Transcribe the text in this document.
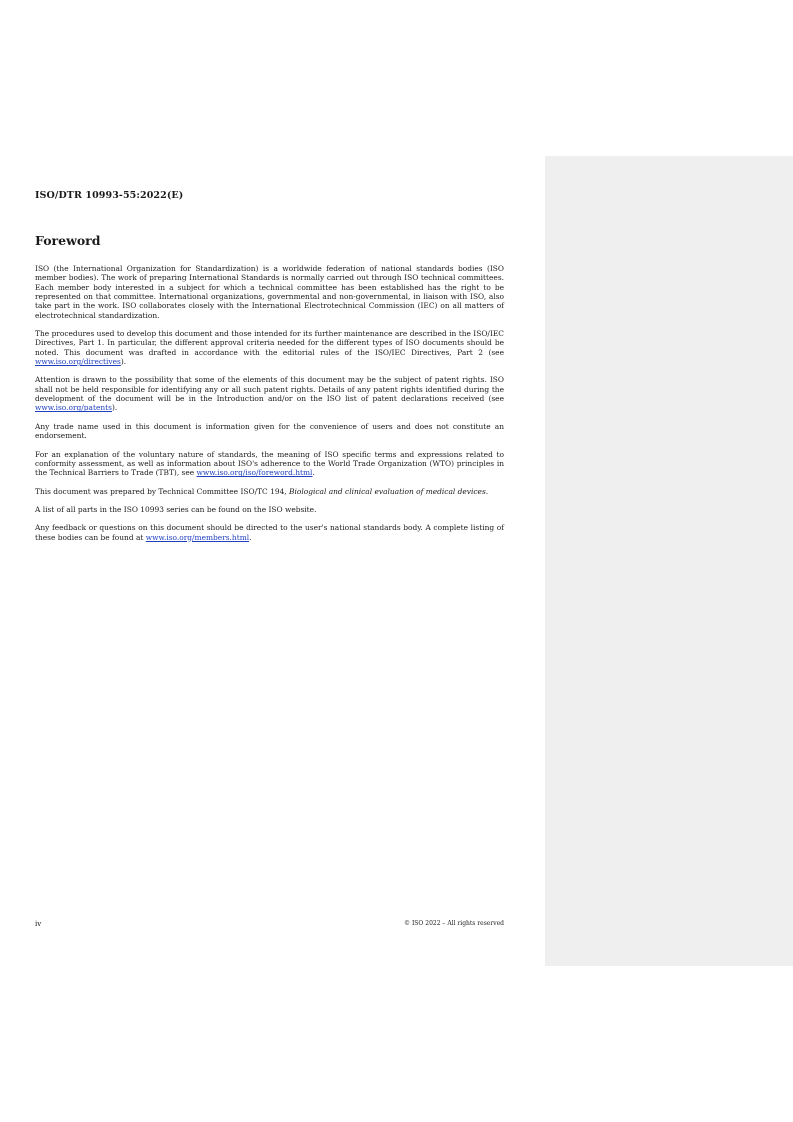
ISO/DTR 10993-55:2022(E)
Foreword

ISO (the International Organization for Standardization) is a worldwide federation of national standards bodies (ISO member bodies). The work of preparing International Standards is normally carried out through ISO technical committees. Each member body interested in a subject for which a technical committee has been established has the right to be represented on that committee. International organizations, governmental and non-governmental, in liaison with ISO, also take part in the work. ISO collaborates closely with the International Electrotechnical Commission (IEC) on all matters of electrotechnical standardization.

The procedures used to develop this document and those intended for its further maintenance are described in the ISO/IEC Directives, Part 1. In particular, the different approval criteria needed for the different types of ISO documents should be noted. This document was drafted in accordance with the editorial rules of the ISO/IEC Directives, Part 2 (see www.iso.org/directives).

Attention is drawn to the possibility that some of the elements of this document may be the subject of patent rights. ISO shall not be held responsible for identifying any or all such patent rights. Details of any patent rights identified during the development of the document will be in the Introduction and/or on the ISO list of patent declarations received (see www.iso.org/patents).

Any trade name used in this document is information given for the convenience of users and does not constitute an endorsement.

For an explanation of the voluntary nature of standards, the meaning of ISO specific terms and expressions related to conformity assessment, as well as information about ISO's adherence to the World Trade Organization (WTO) principles in the Technical Barriers to Trade (TBT), see www.iso.org/iso/foreword.html.

This document was prepared by Technical Committee ISO/TC 194, Biological and clinical evaluation of medical devices.

A list of all parts in the ISO 10993 series can be found on the ISO website.

Any feedback or questions on this document should be directed to the user's national standards body. A complete listing of these bodies can be found at www.iso.org/members.html.

iv	© ISO 2022 – All rights reserved
